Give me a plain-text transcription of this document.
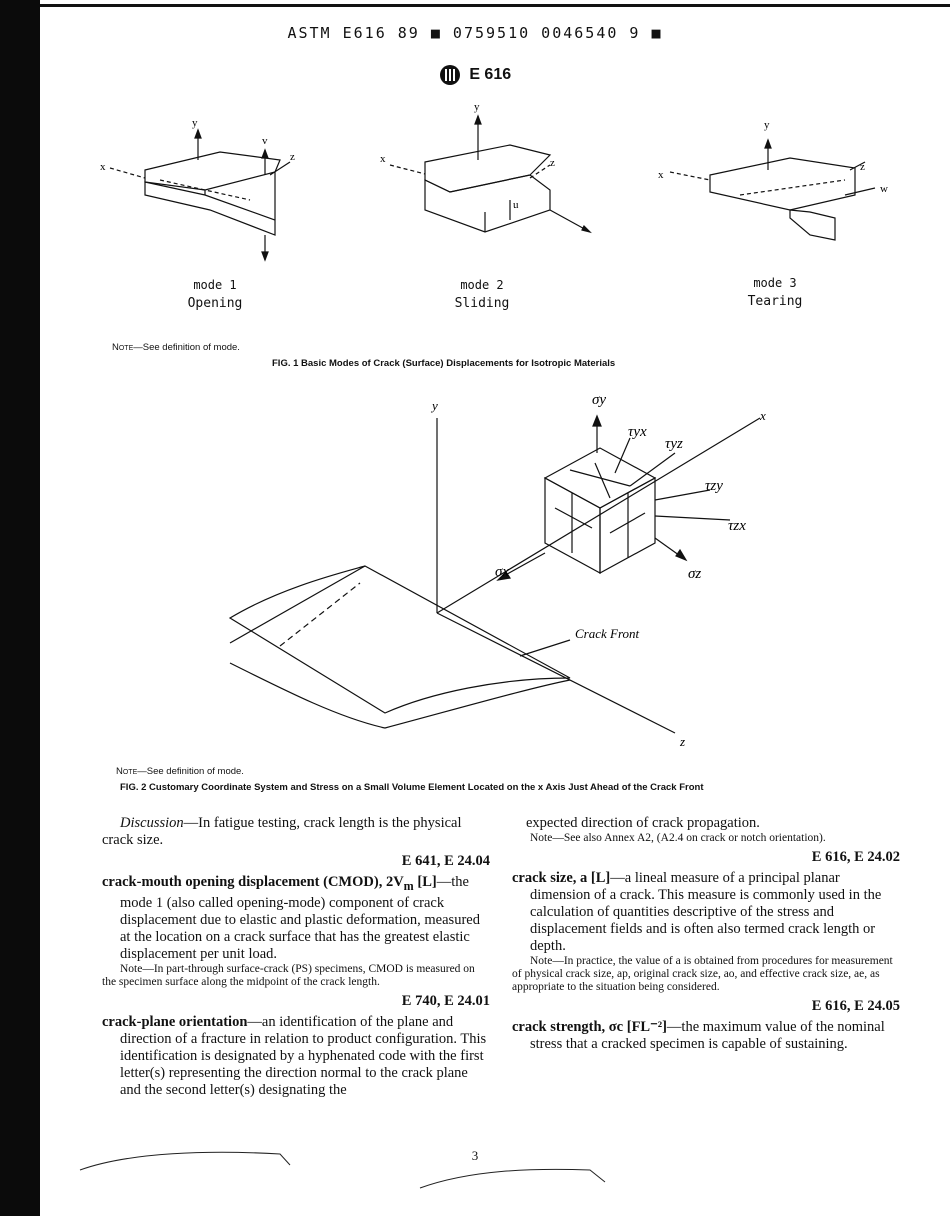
ASTM E616 89 ■ 0759510 0046540 9 ■
E 616
y
v
x
z
y
x	z
u
y
x
z
w
mode 1
Opening
mode 2
Sliding
mode 3
Tearing
Note—See definition of mode.
FIG. 1 Basic Modes of Crack (Surface) Displacements for Isotropic Materials
y
x
z
σy
τyx
τyz
τzy
τzx
σx	σz
Crack Front
Note—See definition of mode.
FIG. 2 Customary Coordinate System and Stress on a Small Volume Element Located on the x Axis Just Ahead of the Crack Front

Discussion—In fatigue testing, crack length is the physical crack size.

E 641, E 24.04

crack-mouth opening displacement (CMOD), $2V_m$ [L]—the mode 1 (also called opening-mode) component of crack displacement due to elastic and plastic deformation, measured at the location on a crack surface that has the greatest elastic displacement per unit load.

Note—In part-through surface-crack (PS) specimens, CMOD is measured on the specimen surface along the midpoint of the crack length.

E 740, E 24.01

crack-plane orientation—an identification of the plane and direction of a fracture in relation to product configuration. This identification is designated by a hyphenated code with the first letter(s) representing the direction normal to the crack plane and the second letter(s) designating the

expected direction of crack propagation.

Note—See also Annex A2, (A2.4 on crack or notch orientation).

E 616, E 24.02

crack size, a [L]—a lineal measure of a principal planar dimension of a crack. This measure is commonly used in the calculation of quantities descriptive of the stress and displacement fields and is often also termed crack length or depth.

Note—In practice, the value of a is obtained from procedures for measurement of physical crack size, ap, original crack size, ao, and effective crack size, ae, as appropriate to the situation being considered.

E 616, E 24.05

crack strength, σc [FL⁻²]—the maximum value of the nominal stress that a cracked specimen is capable of sustaining.

3
